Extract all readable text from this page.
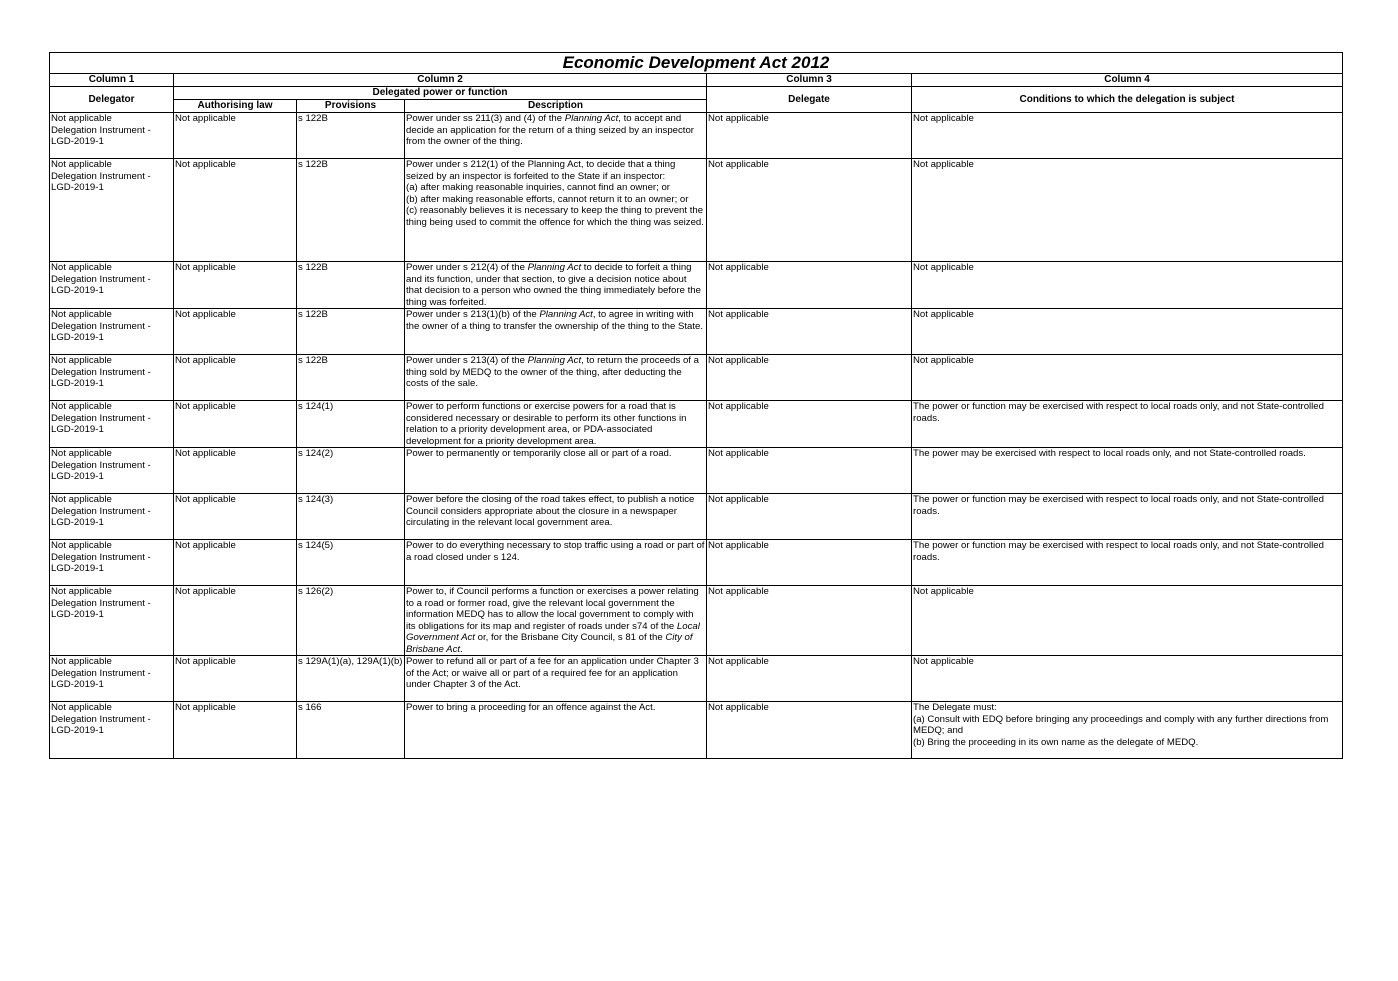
Economic Development Act 2012					
Column 1	Column 2			Column 3	Column 4
Delegator	Delegated power or function			Delegate	Conditions to which the delegation is subject
	Authorising law	Provisions	Description		

Not applicable
Delegation Instrument - LGD-2019-1	Not applicable	s 122B	Power under ss 211(3) and (4) of the Planning Act, to accept and decide an application for the return of a thing seized by an inspector from the owner of the thing.	Not applicable	Not applicable

Not applicable
Delegation Instrument - LGD-2019-1	Not applicable	s 122B	Power under s 212(1) of the Planning Act, to decide that a thing seized by an inspector is forfeited to the State if an inspector:
(a) after making reasonable inquiries, cannot find an owner; or
(b) after making reasonable efforts, cannot return it to an owner; or
(c) reasonably believes it is necessary to keep the thing to prevent the thing being used to commit the offence for which the thing was seized.	Not applicable	Not applicable

Not applicable
Delegation Instrument - LGD-2019-1	Not applicable	s 122B	Power under s 212(4) of the Planning Act to decide to forfeit a thing and its function, under that section, to give a decision notice about that decision to a person who owned the thing immediately before the thing was forfeited.	Not applicable	Not applicable

Not applicable
Delegation Instrument - LGD-2019-1	Not applicable	s 122B	Power under s 213(1)(b) of the Planning Act, to agree in writing with the owner of a thing to transfer the ownership of the thing to the State.	Not applicable	Not applicable

Not applicable
Delegation Instrument - LGD-2019-1	Not applicable	s 122B	Power under s 213(4) of the Planning Act, to return the proceeds of a thing sold by MEDQ to the owner of the thing, after deducting the costs of the sale.	Not applicable	Not applicable

Not applicable
Delegation Instrument - LGD-2019-1	Not applicable	s 124(1)	Power to perform functions or exercise powers for a road that is considered necessary or desirable to perform its other functions in relation to a priority development area, or PDA-associated development for a priority development area.	Not applicable	The power or function may be exercised with respect to local roads only, and not State-controlled roads.

Not applicable
Delegation Instrument - LGD-2019-1	Not applicable	s 124(2)	Power to permanently or temporarily close all or part of a road.	Not applicable	The power may be exercised with respect to local roads only, and not State-controlled roads.

Not applicable
Delegation Instrument - LGD-2019-1	Not applicable	s 124(3)	Power before the closing of the road takes effect, to publish a notice Council considers appropriate about the closure in a newspaper circulating in the relevant local government area.	Not applicable	The power or function may be exercised with respect to local roads only, and not State-controlled roads.

Not applicable
Delegation Instrument - LGD-2019-1	Not applicable	s 124(5)	Power to do everything necessary to stop traffic using a road or part of a road closed under s 124.	Not applicable	The power or function may be exercised with respect to local roads only, and not State-controlled roads.

Not applicable
Delegation Instrument - LGD-2019-1	Not applicable	s 126(2)	Power to, if Council performs a function or exercises a power relating to a road or former road, give the relevant local government the information MEDQ has to allow the local government to comply with its obligations for its map and register of roads under s74 of the Local Government Act or, for the Brisbane City Council, s 81 of the City of Brisbane Act.	Not applicable	Not applicable

Not applicable
Delegation Instrument - LGD-2019-1	Not applicable	s 129A(1)(a), 129A(1)(b)	Power to refund all or part of a fee for an application under Chapter 3 of the Act; or waive all or part of a required fee for an application under Chapter 3 of the Act.	Not applicable	Not applicable

Not applicable
Delegation Instrument - LGD-2019-1	Not applicable	s 166	Power to bring a proceeding for an offence against the Act.	Not applicable	The Delegate must:
(a) Consult with EDQ before bringing any proceedings and comply with any further directions from MEDQ; and
(b) Bring the proceeding in its own name as the delegate of MEDQ.
